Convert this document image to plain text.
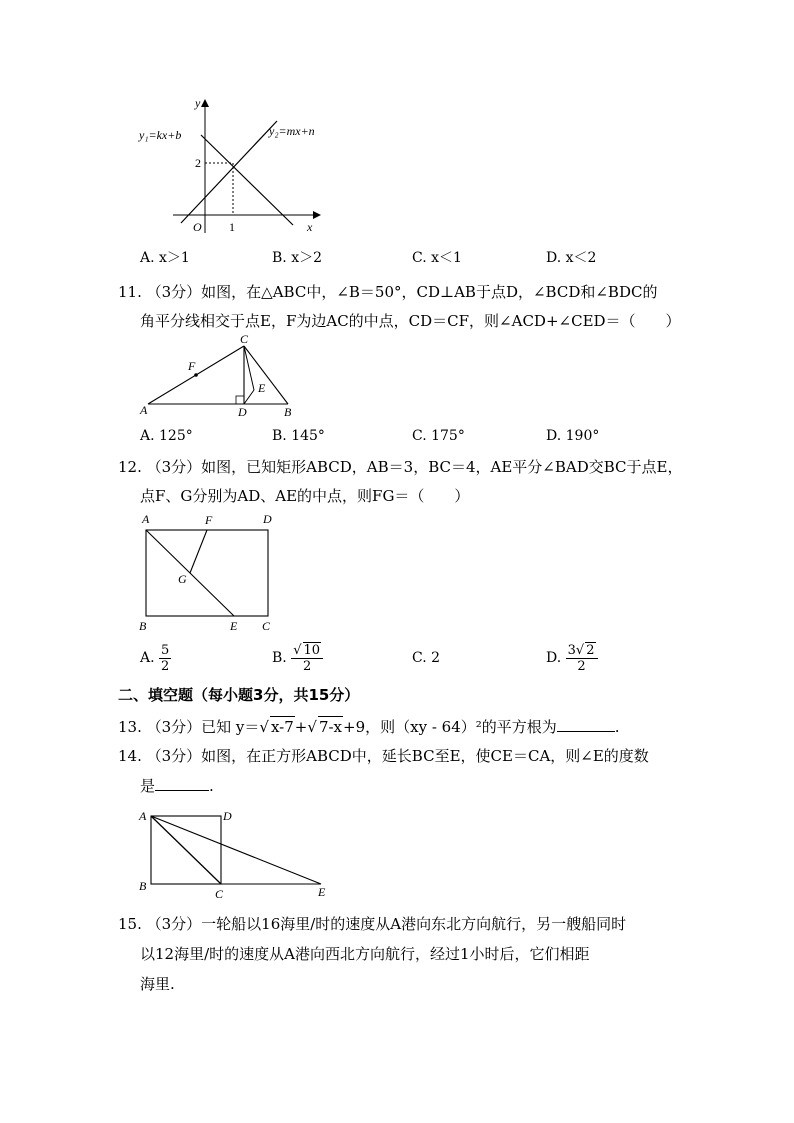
y
x
O
2
1
y₁=kx+b	y₂=mx+n
A. x＞1	B. x＞2	C. x＜1	D. x＜2
11. （3分）如图，在△ABC中，∠B＝50°，CD⊥AB于点D，∠BCD和∠BDC的
角平分线相交于点E，F为边AC的中点，CD＝CF，则∠ACD+∠CED＝（　　）
C
F
E
A	D	B
A. 125°	B. 145°	C. 175°	D. 190°
12. （3分）如图，已知矩形ABCD，AB＝3，BC＝4，AE平分∠BAD交BC于点E，
点F、G分别为AD、AE的中点，则FG＝（　　）
A	F	D
G
B	E C
A. $\frac{5}{2}$	B. $\frac{√ 10}{2}$	C. 2	D. $\frac{3√ 2}{2}$
二、填空题（每小题3分，共15分）
13. （3分）已知 y＝√ x-7+√ 7-x+9，则（xy - 64）²的平方根为	.
14. （3分）如图，在正方形ABCD中，延长BC至E，使CE＝CA，则∠E的度数
是	.
A	D
B
C	E
15. （3分）一轮船以16海里/时的速度从A港向东北方向航行，另一艘船同时
以12海里/时的速度从A港向西北方向航行，经过1小时后，它们相距
海里.
